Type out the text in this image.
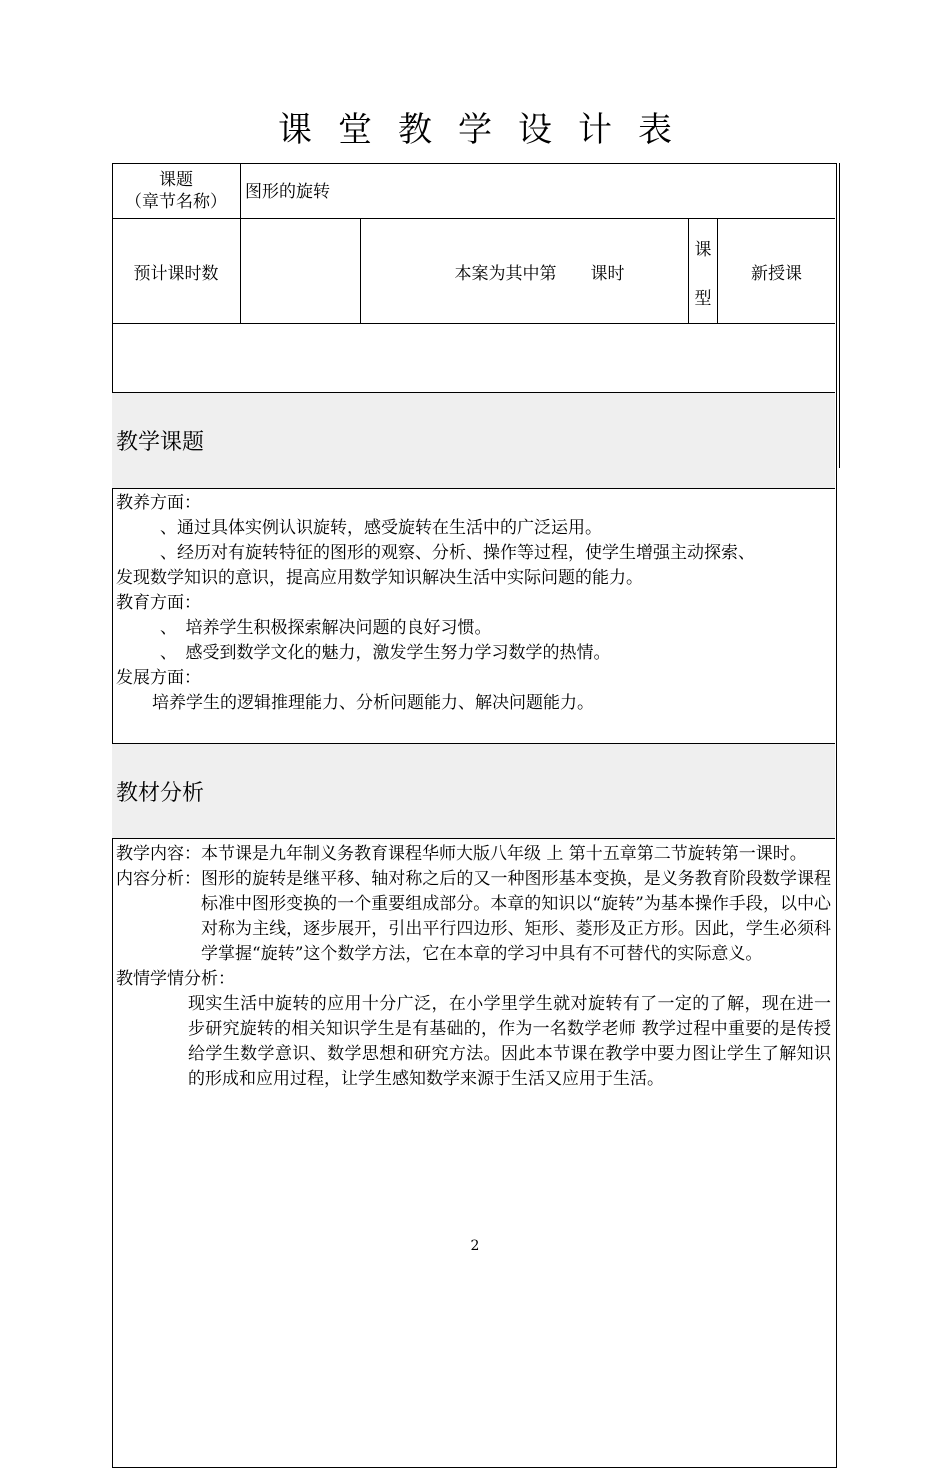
课堂教学设计表
课题
（章节名称） 图形的旋转
预计课时数	本案为其中第　　课时
课
型
新授课
教学课题

教养方面：

、通过具体实例认识旋转，感受旋转在生活中的广泛运用。

、经历对有旋转特征的图形的观察、分析、操作等过程，使学生增强主动探索、

发现数学知识的意识，提高应用数学知识解决生活中实际问题的能力。

教育方面：

、　培养学生积极探索解决问题的良好习惯。

、　感受到数学文化的魅力，激发学生努力学习数学的热情。

发展方面：

培养学生的逻辑推理能力、分析问题能力、解决问题能力。

教材分析
教学内容： 本节课是九年制义务教育课程华师大版八年级 上 第十五章第二节旋转第一课时。
内容分析： 图形的旋转是继平移、轴对称之后的又一种图形基本变换，是义务教育阶段数学课程标准中图形变换的一个重要组成部分。本章的知识以“旋转”为基本操作手段，以中心对称为主线，逐步展开，引出平行四边形、矩形、菱形及正方形。因此，学生必须科学掌握“旋转”这个数学方法，它在本章的学习中具有不可替代的实际意义。
教情学情分析：
现实生活中旋转的应用十分广泛，在小学里学生就对旋转有了一定的了解，现在进一步研究旋转的相关知识学生是有基础的，作为一名数学老师 教学过程中重要的是传授给学生数学意识、数学思想和研究方法。因此本节课在教学中要力图让学生了解知识的形成和应用过程，让学生感知数学来源于生活又应用于生活。
2
